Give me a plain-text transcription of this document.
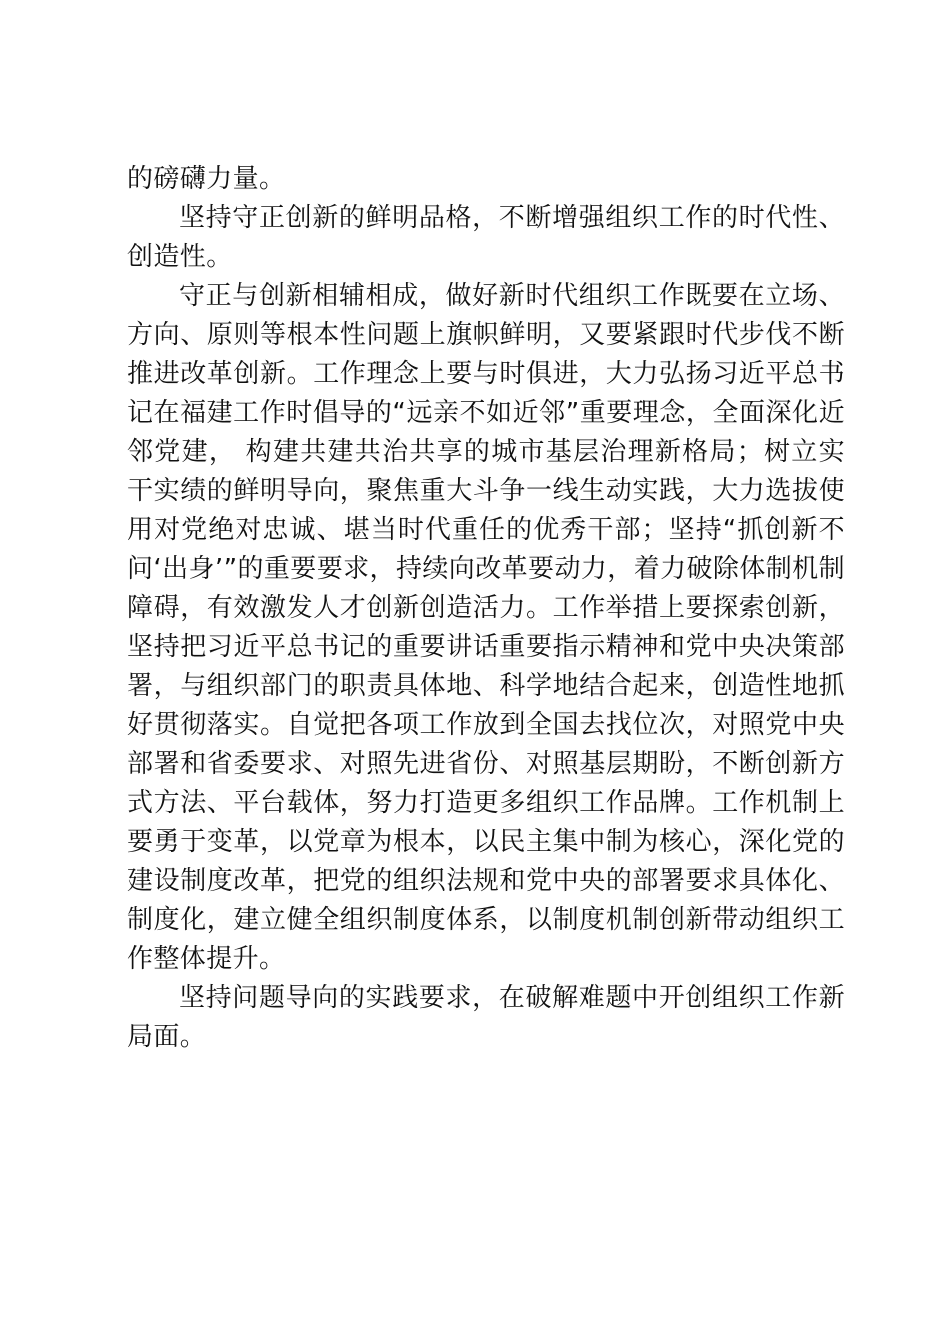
的磅礴力量。

坚持守正创新的鲜明品格，不断增强组织工作的时代性、创造性。

守正与创新相辅相成，做好新时代组织工作既要在立场、方向、原则等根本性问题上旗帜鲜明，又要紧跟时代步伐不断推进改革创新。工作理念上要与时俱进，大力弘扬习近平总书记在福建工作时倡导的“远亲不如近邻”重要理念，全面深化近邻党建， 构建共建共治共享的城市基层治理新格局；树立实干实绩的鲜明导向，聚焦重大斗争一线生动实践，大力选拔使用对党绝对忠诚、堪当时代重任的优秀干部；坚持“抓创新不问‘出身’”的重要要求，持续向改革要动力，着力破除体制机制障碍，有效激发人才创新创造活力。工作举措上要探索创新，坚持把习近平总书记的重要讲话重要指示精神和党中央决策部署，与组织部门的职责具体地、科学地结合起来，创造性地抓好贯彻落实。自觉把各项工作放到全国去找位次，对照党中央部署和省委要求、对照先进省份、对照基层期盼，不断创新方式方法、平台载体，努力打造更多组织工作品牌。工作机制上要勇于变革，以党章为根本，以民主集中制为核心，深化党的建设制度改革，把党的组织法规和党中央的部署要求具体化、制度化，建立健全组织制度体系，以制度机制创新带动组织工作整体提升。

坚持问题导向的实践要求，在破解难题中开创组织工作新局面。
